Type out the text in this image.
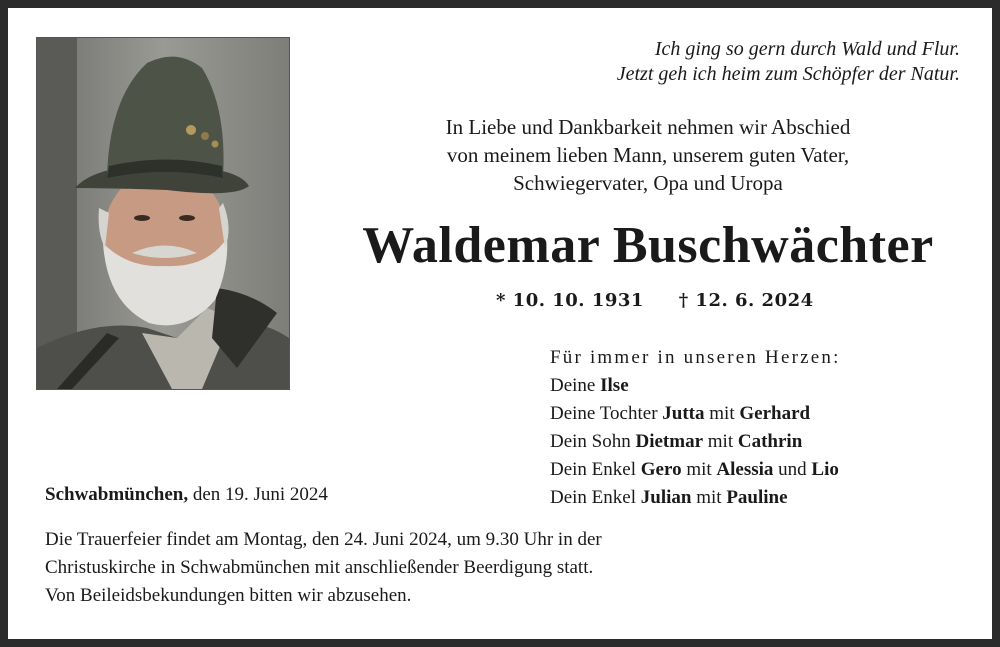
Ich ging so gern durch Wald und Flur.
Jetzt geh ich heim zum Schöpfer der Natur.
In Liebe und Dankbarkeit nehmen wir Abschied
von meinem lieben Mann, unserem guten Vater,
Schwiegervater, Opa und Uropa
Waldemar Buschwächter
* 10. 10. 1931 † 12. 6. 2024
Für immer in unseren Herzen:
Deine Ilse
Deine Tochter Jutta mit Gerhard
Dein Sohn Dietmar mit Cathrin
Dein Enkel Gero mit Alessia und Lio
Dein Enkel Julian mit Pauline
Schwabmünchen, den 19. Juni 2024
Die Trauerfeier findet am Montag, den 24. Juni 2024, um 9.30 Uhr in der
Christuskirche in Schwabmünchen mit anschließender Beerdigung statt.
Von Beileidsbekundungen bitten wir abzusehen.
